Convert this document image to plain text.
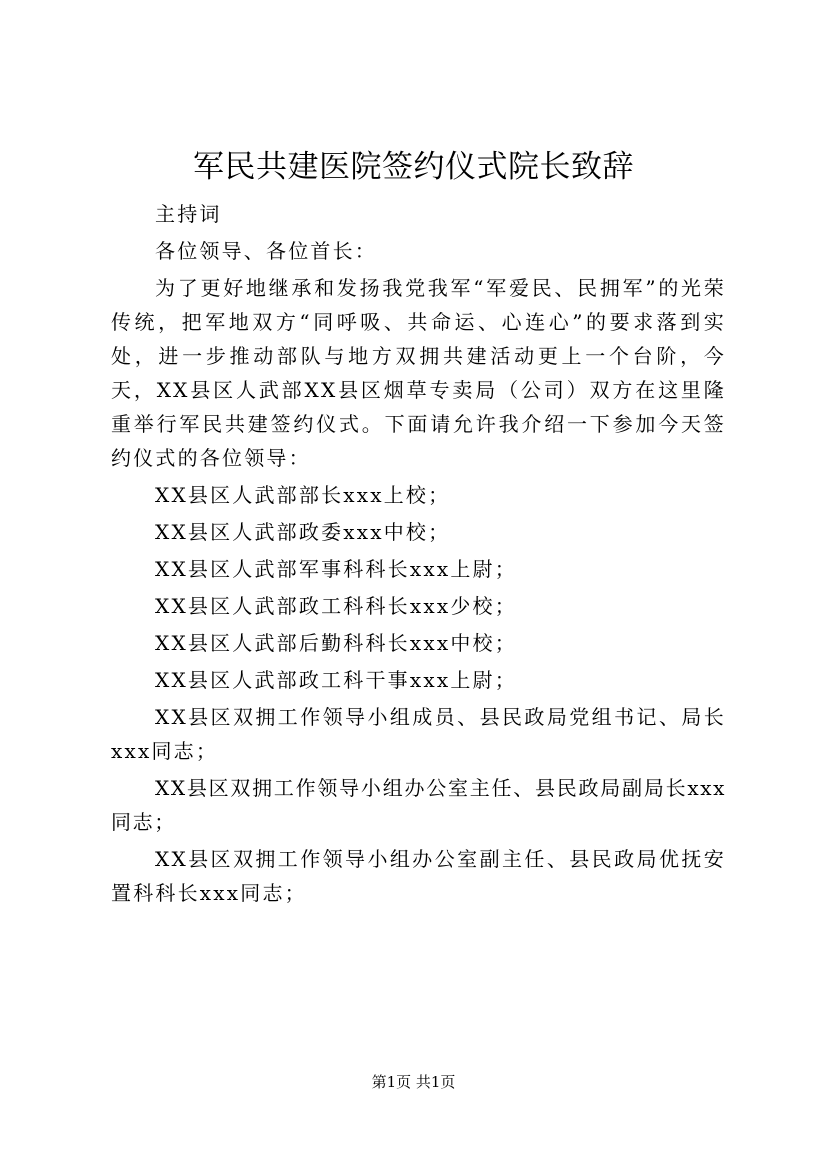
军民共建医院签约仪式院长致辞

主持词

各位领导、各位首长：

为了更好地继承和发扬我党我军“军爱民、民拥军”的光荣传统，把军地双方“同呼吸、共命运、心连心”的要求落到实处，进一步推动部队与地方双拥共建活动更上一个台阶，今天，XX县区人武部XX县区烟草专卖局（公司）双方在这里隆重举行军民共建签约仪式。下面请允许我介绍一下参加今天签约仪式的各位领导：

XX县区人武部部长xxx上校；

XX县区人武部政委xxx中校；

XX县区人武部军事科科长xxx上尉；

XX县区人武部政工科科长xxx少校；

XX县区人武部后勤科科长xxx中校；

XX县区人武部政工科干事xxx上尉；

XX县区双拥工作领导小组成员、县民政局党组书记、局长xxx同志；

XX县区双拥工作领导小组办公室主任、县民政局副局长xxx同志；

XX县区双拥工作领导小组办公室副主任、县民政局优抚安置科科长xxx同志；

第1页 共1页
